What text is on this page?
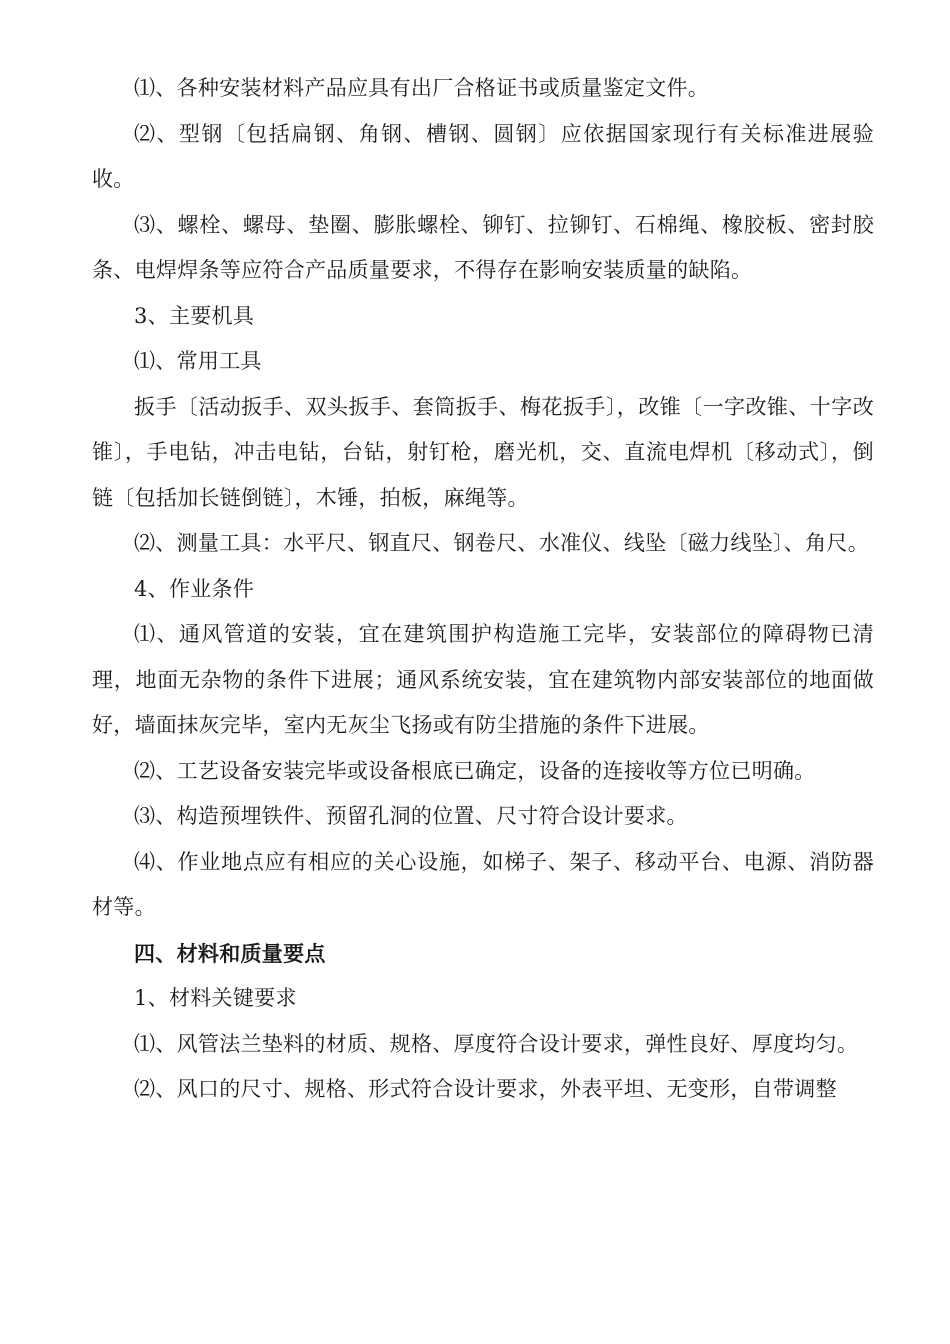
⑴、各种安装材料产品应具有出厂合格证书或质量鉴定文件。

⑵、型钢〔包括扁钢、角钢、槽钢、圆钢〕应依据国家现行有关标准进展验收。

⑶、螺栓、螺母、垫圈、膨胀螺栓、铆钉、拉铆钉、石棉绳、橡胶板、密封胶条、电焊焊条等应符合产品质量要求，不得存在影响安装质量的缺陷。

3、主要机具

⑴、常用工具

扳手〔活动扳手、双头扳手、套筒扳手、梅花扳手〕，改锥〔一字改锥、十字改锥〕，手电钻，冲击电钻，台钻，射钉枪，磨光机，交、直流电焊机〔移动式〕，倒链〔包括加长链倒链〕，木锤，拍板，麻绳等。

⑵、测量工具：水平尺、钢直尺、钢卷尺、水准仪、线坠〔磁力线坠〕、角尺。

4、作业条件

⑴、通风管道的安装，宜在建筑围护构造施工完毕，安装部位的障碍物已清理，地面无杂物的条件下进展；通风系统安装，宜在建筑物内部安装部位的地面做好，墙面抹灰完毕，室内无灰尘飞扬或有防尘措施的条件下进展。

⑵、工艺设备安装完毕或设备根底已确定，设备的连接收等方位已明确。

⑶、构造预埋铁件、预留孔洞的位置、尺寸符合设计要求。

⑷、作业地点应有相应的关心设施，如梯子、架子、移动平台、电源、消防器材等。

四、材料和质量要点

1、材料关键要求

⑴、风管法兰垫料的材质、规格、厚度符合设计要求，弹性良好、厚度均匀。

⑵、风口的尺寸、规格、形式符合设计要求，外表平坦、无变形，自带调整
